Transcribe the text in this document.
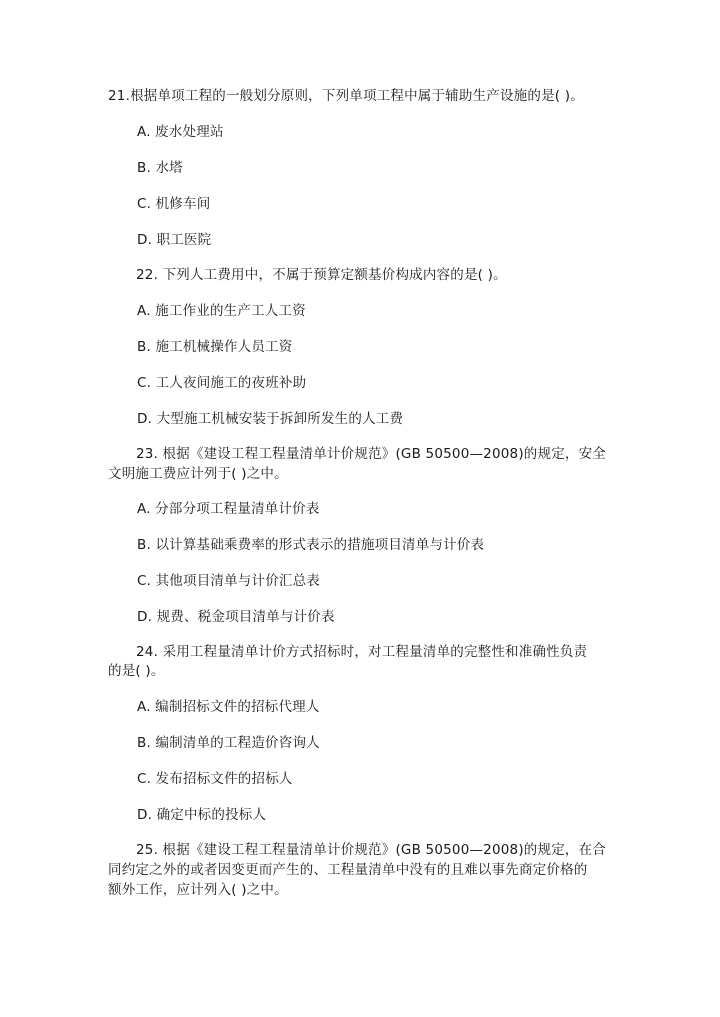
21.根据单项工程的一般划分原则，下列单项工程中属于辅助生产设施的是( )。
A. 废水处理站
B. 水塔
C. 机修车间
D. 职工医院
22. 下列人工费用中，不属于预算定额基价构成内容的是( )。
A. 施工作业的生产工人工资
B. 施工机械操作人员工资
C. 工人夜间施工的夜班补助
D. 大型施工机械安装于拆卸所发生的人工费
23. 根据《建设工程工程量清单计价规范》(GB 50500—2008)的规定，安全
文明施工费应计列于( )之中。
A. 分部分项工程量清单计价表
B. 以计算基础乘费率的形式表示的措施项目清单与计价表
C. 其他项目清单与计价汇总表
D. 规费、税金项目清单与计价表
24. 采用工程量清单计价方式招标时，对工程量清单的完整性和准确性负责
的是( )。
A. 编制招标文件的招标代理人
B. 编制清单的工程造价咨询人
C. 发布招标文件的招标人
D. 确定中标的投标人
25. 根据《建设工程工程量清单计价规范》(GB 50500—2008)的规定，在合
同约定之外的或者因变更而产生的、工程量清单中没有的且难以事先商定价格的
额外工作，应计列入( )之中。
